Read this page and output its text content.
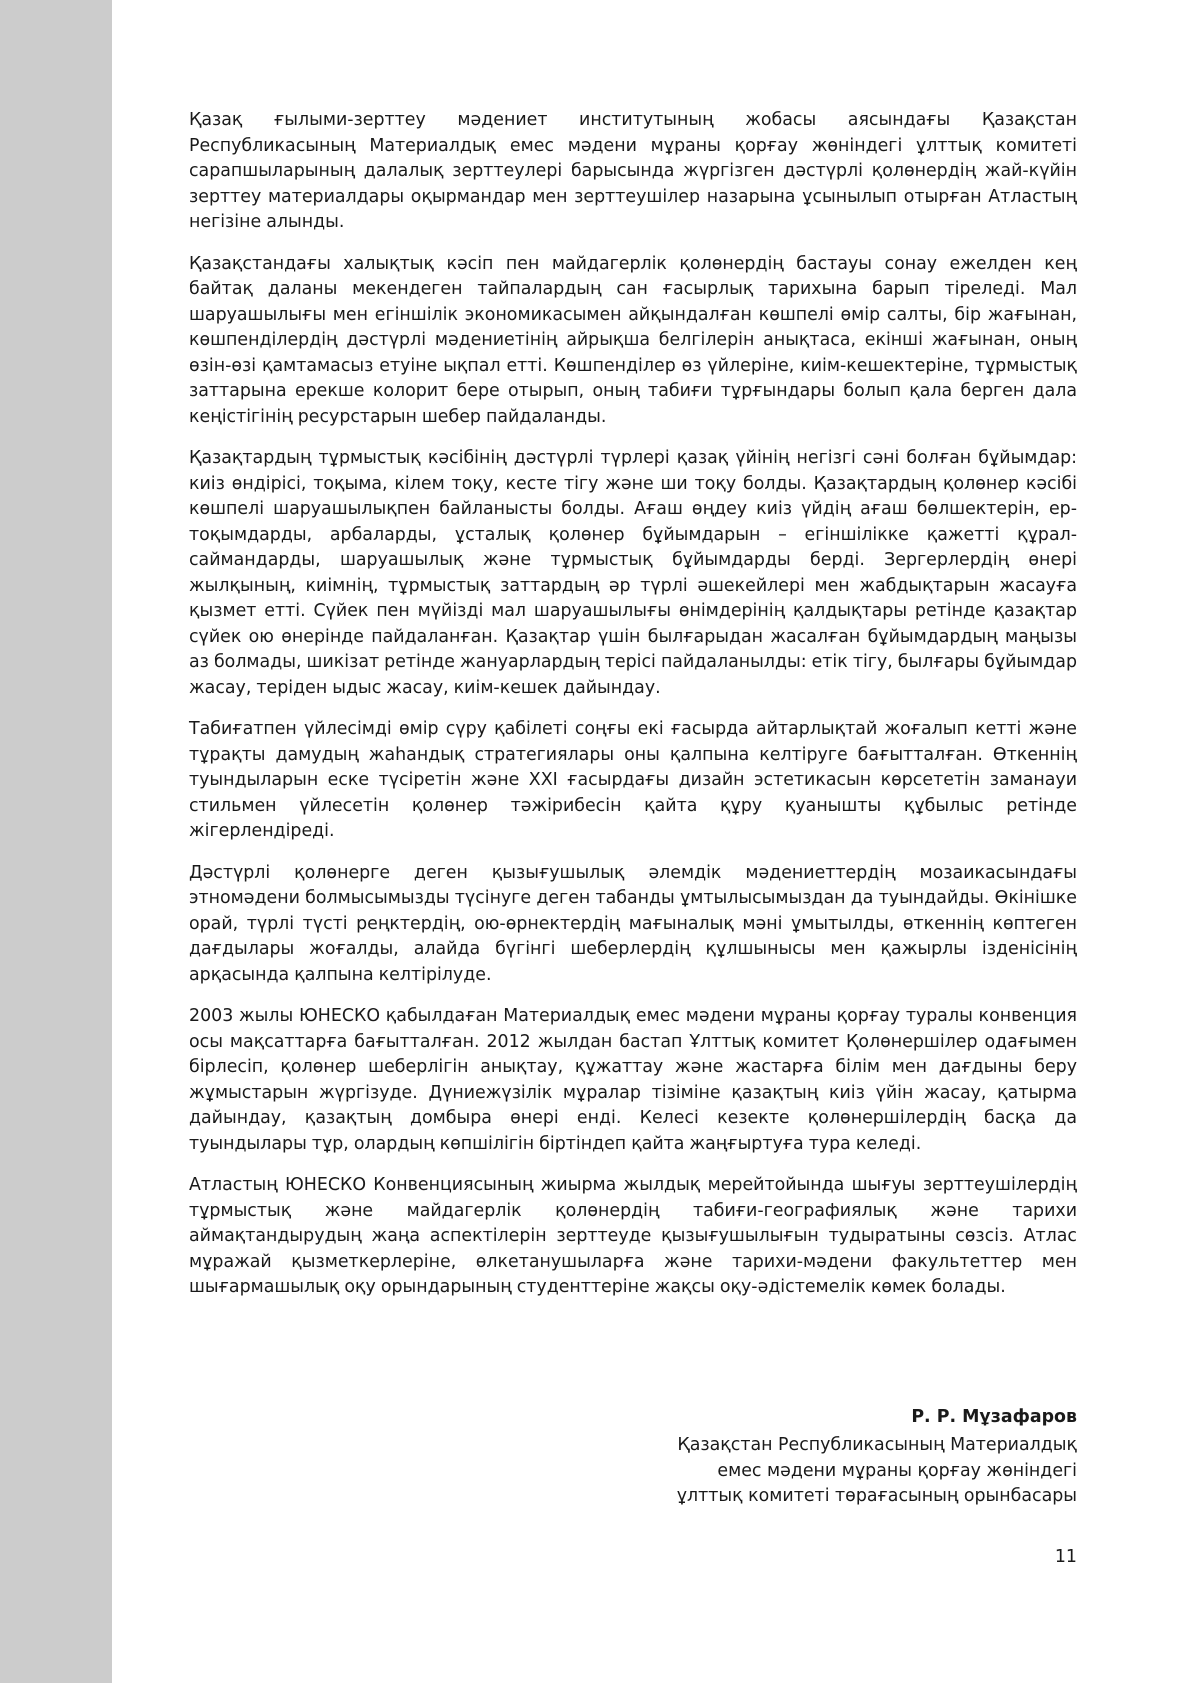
Қазақ ғылыми-зерттеу мәдениет институтының жобасы аясындағы Қазақстан Республикасының Материалдық емес мәдени мұраны қорғау жөніндегі ұлттық комитеті сарапшыларының далалық зерттеулері барысында жүргізген дәстүрлі қолөнердің жай-күйін зерттеу материалдары оқырмандар мен зерттеушілер назарына ұсынылып отырған Атластың негізіне алынды.

Қазақстандағы халықтық кәсіп пен майдагерлік қолөнердің бастауы сонау ежелден кең байтақ даланы мекендеген тайпалардың сан ғасырлық тарихына барып тіреледі. Мал шаруашылығы мен егіншілік экономикасымен айқындалған көшпелі өмір салты, бір жағынан, көшпенділердің дәстүрлі мәдениетінің айрықша белгілерін анықтаса, екінші жағынан, оның өзін-өзі қамтамасыз етуіне ықпал етті. Көшпенділер өз үйлеріне, киім-кешектеріне, тұрмыстық заттарына ерекше колорит бере отырып, оның табиғи тұрғындары болып қала берген дала кеңістігінің ресурстарын шебер пайдаланды.

Қазақтардың тұрмыстық кәсібінің дәстүрлі түрлері қазақ үйінің негізгі сәні болған бұйымдар: киіз өндірісі, тоқыма, кілем тоқу, кесте тігу және ши тоқу болды. Қазақтардың қолөнер кәсібі көшпелі шаруашылықпен байланысты болды. Ағаш өңдеу киіз үйдің ағаш бөлшектерін, ер-тоқымдарды, арбаларды, ұсталық қолөнер бұйымдарын – егіншілікке қажетті құрал-саймандарды, шаруашылық және тұрмыстық бұйымдарды берді. Зергерлердің өнері жылқының, киімнің, тұрмыстық заттардың әр түрлі әшекейлері мен жабдықтарын жасауға қызмет етті. Сүйек пен мүйізді мал шаруашылығы өнімдерінің қалдықтары ретінде қазақтар сүйек ою өнерінде пайдаланған. Қазақтар үшін былғарыдан жасалған бұйымдардың маңызы аз болмады, шикізат ретінде жануарлардың терісі пайдаланылды: етік тігу, былғары бұйымдар жасау, теріден ыдыс жасау, киім-кешек дайындау.

Табиғатпен үйлесімді өмір сүру қабілеті соңғы екі ғасырда айтарлықтай жоғалып кетті және тұрақты дамудың жаһандық стратегиялары оны қалпына келтіруге бағытталған. Өткеннің туындыларын еске түсіретін және XXI ғасырдағы дизайн эстетикасын көрсететін заманауи стильмен үйлесетін қолөнер тәжірибесін қайта құру қуанышты құбылыс ретінде жігерлендіреді.

Дәстүрлі қолөнерге деген қызығушылық әлемдік мәдениеттердің мозаикасындағы этномәдени болмысымызды түсінуге деген табанды ұмтылысымыздан да туындайды. Өкінішке орай, түрлі түсті реңктердің, ою-өрнектердің мағыналық мәні ұмытылды, өткеннің көптеген дағдылары жоғалды, алайда бүгінгі шеберлердің құлшынысы мен қажырлы ізденісінің арқасында қалпына келтірілуде.

2003 жылы ЮНЕСКО қабылдаған Материалдық емес мәдени мұраны қорғау туралы конвенция осы мақсаттарға бағытталған. 2012 жылдан бастап Ұлттық комитет Қолөнершілер одағымен бірлесіп, қолөнер шеберлігін анықтау, құжаттау және жастарға білім мен дағдыны беру жұмыстарын жүргізуде. Дүниежүзілік мұралар тізіміне қазақтың киіз үйін жасау, қатырма дайындау, қазақтың домбыра өнері енді. Келесі кезекте қолөнершілердің басқа да туындылары тұр, олардың көпшілігін біртіндеп қайта жаңғыртуға тура келеді.

Атластың ЮНЕСКО Конвенциясының жиырма жылдық мерейтойында шығуы зерттеушілердің тұрмыстық және майдагерлік қолөнердің табиғи-географиялық және тарихи аймақтандырудың жаңа аспектілерін зерттеуде қызығушылығын тудыратыны сөзсіз. Атлас мұражай қызметкерлеріне, өлкетанушыларға және тарихи-мәдени факультеттер мен шығармашылық оқу орындарының студенттеріне жақсы оқу-әдістемелік көмек болады.

Р. Р. Мұзафаров

Қазақстан Республикасының Материалдық

емес мәдени мұраны қорғау жөніндегі

ұлттық комитеті төрағасының орынбасары

11
